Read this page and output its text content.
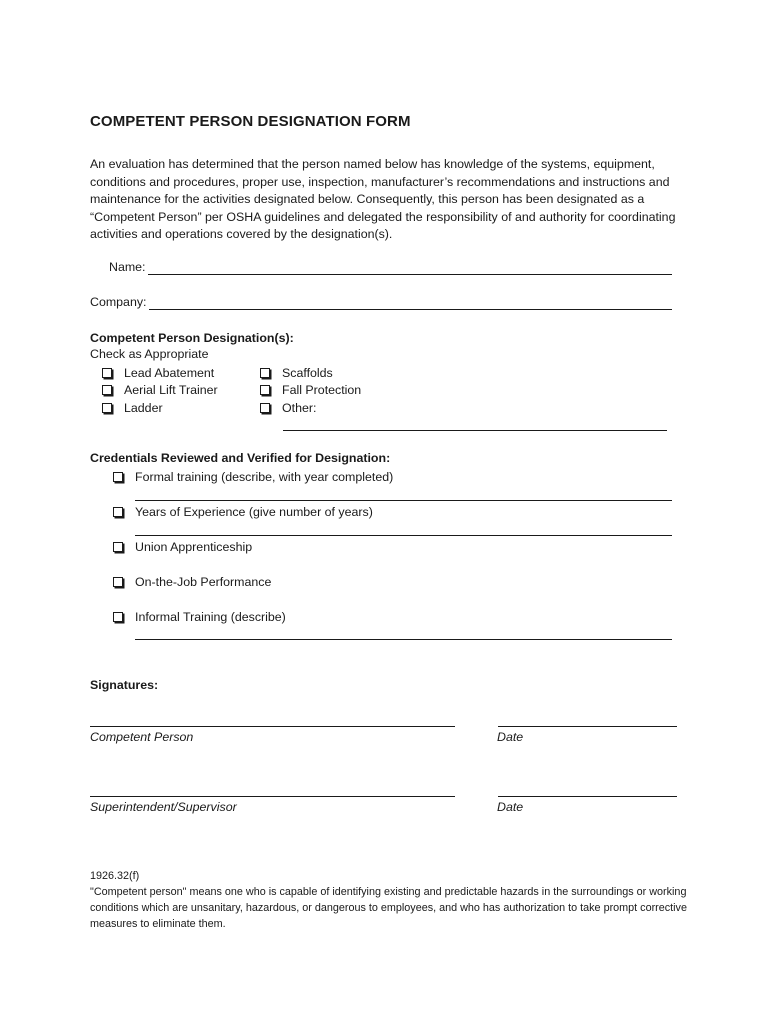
COMPETENT PERSON DESIGNATION FORM
An evaluation has determined that the person named below has knowledge of the systems, equipment, conditions and procedures, proper use, inspection, manufacturer’s recommendations and instructions and maintenance for the activities designated below. Consequently, this person has been designated as a “Competent Person” per OSHA guidelines and delegated the responsibility of and authority for coordinating activities and operations covered by the designation(s).
Name:
Company:
Competent Person Designation(s):
Check as Appropriate
Lead Abatement
Aerial Lift Trainer
Ladder
Scaffolds
Fall Protection
Other:
Credentials Reviewed and Verified for Designation:
Formal training (describe, with year completed)
Years of Experience (give number of years)
Union Apprenticeship
On-the-Job Performance
Informal Training (describe)
Signatures:
Competent Person	Date
Superintendent/Supervisor	Date
1926.32(f)
"Competent person" means one who is capable of identifying existing and predictable hazards in the surroundings or working conditions which are unsanitary, hazardous, or dangerous to employees, and who has authorization to take prompt corrective measures to eliminate them.
